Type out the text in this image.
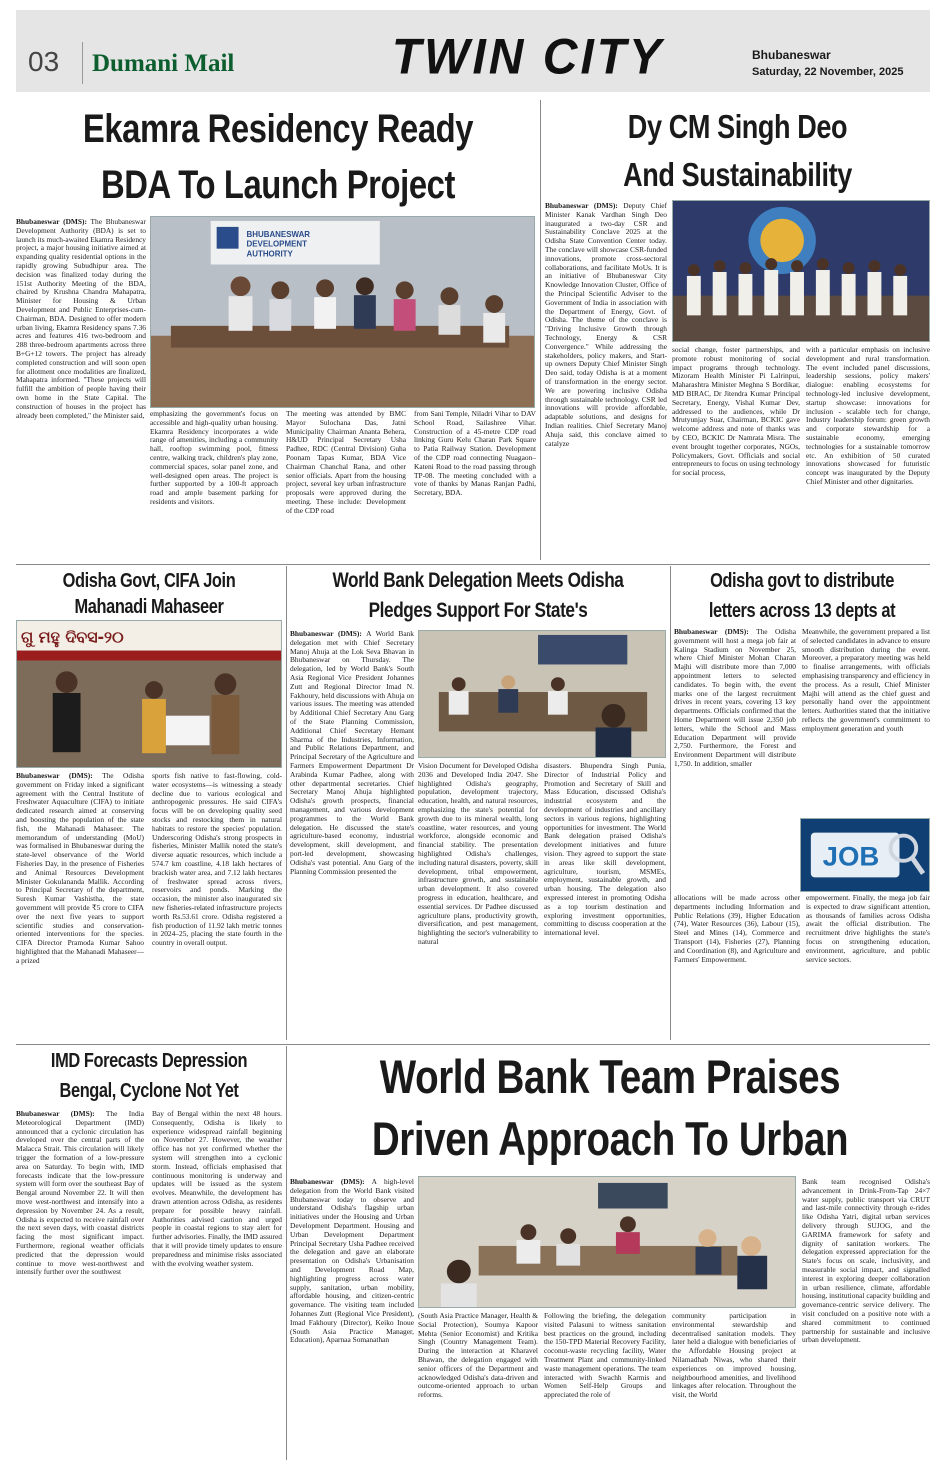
03	Dumani Mail	TWIN CITY	Bhubaneswar
Saturday, 22 November, 2025
Ekamra Residency Ready
BDA To Launch Project
Bhubaneswar (DMS): The Bhubaneswar Development Authority (BDA) is set to launch its much-awaited Ekamra Residency project, a major housing initiative aimed at expanding quality residential options in the rapidly growing Subudhipur area. The decision was finalized today during the 151st Authority Meeting of the BDA, chaired by Krushna Chandra Mahapatra, Minister for Housing & Urban Development and Public Enterprises-cum-Chairman, BDA. Designed to offer modern urban living, Ekamra Residency spans 7.36 acres and features 416 two-bedroom and 288 three-bedroom apartments across three B+G+12 towers. The project has already completed construction and will soon open for allotment once modalities are finalized, Mahapatra informed. "These projects will fulfill the ambition of people having their own home in the State Capital. The construction of houses in the project has already been completed," the Minister said,
BHUBANESWAR
DEVELOPMENT
AUTHORITY
emphasizing the government's focus on accessible and high-quality urban housing. Ekamra Residency incorporates a wide range of amenities, including a community hall, rooftop swimming pool, fitness centre, walking track, children's play zone, commercial spaces, solar panel zone, and well-designed open areas. The project is further supported by a 100-ft approach road and ample basement parking for residents and visitors.
The meeting was attended by BMC Mayor Sulochana Das, Jatni Municipality Chairman Ananta Behera, H&UD Principal Secretary Usha Padhee, RDC (Central Division) Guha Poonam Tapas Kumar, BDA Vice Chairman Chanchal Rana, and other senior officials. Apart from the housing project, several key urban infrastructure proposals were approved during the meeting. These include: Development of the CDP road
from Sani Temple, Niladri Vihar to DAV School Road, Sailashree Vihar. Construction of a 45-metre CDP road linking Guru Kelu Charan Park Square to Patia Railway Station. Development of the CDP road connecting Nuagaon–Kateni Road to the road passing through TP-08. The meeting concluded with a vote of thanks by Manas Ranjan Padhi, Secretary, BDA.
Dy CM Singh Deo
And Sustainability
Bhubaneswar (DMS): Deputy Chief Minister Kanak Vardhan Singh Deo inaugurated a two-day CSR and Sustainability Conclave 2025 at the Odisha State Convention Center today. The conclave will showcase CSR-funded innovations, promote cross-sectoral collaborations, and facilitate MoUs. It is an initiative of Bhubaneswar City Knowledge Innovation Cluster, Office of the Principal Scientific Adviser to the Government of India in association with the Department of Energy, Govt. of Odisha. The theme of the conclave is "Driving Inclusive Growth through Technology, Energy & CSR Convergence." While addressing the stakeholders, policy makers, and Start-up owners Deputy Chief Minister Singh Deo said, today Odisha is at a moment of transformation in the energy sector. We are powering inclusive Odisha through sustainable technology. CSR led innovations will provide affordable, adaptable solutions, and designs for Indian realities. Chief Secretary Manoj Ahuja said, this conclave aimed to catalyze
social change, foster partnerships, and promote robust monitoring of social impact programs through technology. Mizoram Health Minister Pi Lalrinpui, Maharashtra Minister Meghna S Bordikar, MD BIRAC, Dr Jitendra Kumar Principal Secretary, Energy, Vishal Kumar Dev, addressed to the audiences, while Dr Mrutyunjay Suar, Chairman, BCKIC gave welcome address and note of thanks was by CEO, BCKIC Dr Namrata Misra. The event brought together corporates, NGOs, Policymakers, Govt. Officials and social entrepreneurs to focus on using technology for social process,
with a particular emphasis on inclusive development and rural transformation. The event included panel discussions, leadership sessions, policy makers' dialogue: enabling ecosystems for technology-led inclusive development, startup showcase: innovations for inclusion - scalable tech for change, Industry leadership forum: green growth and corporate stewardship for a sustainable economy, emerging technologies for a sustainable tomorrow etc. An exhibition of 50 curated innovations showcased for futuristic concept was inaugurated by the Deputy Chief Minister and other dignitaries.
Odisha Govt, CIFA Join
Mahanadi Mahaseer
ଗୁ ମହୁ ଦିବସ-୨୦
Bhubaneswar (DMS): The Odisha government on Friday inked a significant agreement with the Central Institute of Freshwater Aquaculture (CIFA) to initiate dedicated research aimed at conserving and boosting the population of the state fish, the Mahanadi Mahaseer. The memorandum of understanding (MoU) was formalised in Bhubaneswar during the state-level observance of the World Fisheries Day, in the presence of Fisheries and Animal Resources Development Minister Gokulananda Mallik. According to Principal Secretary of the department, Suresh Kumar Vashistha, the state government will provide ₹5 crore to CIFA over the next five years to support scientific studies and conservation-oriented interventions for the species. CIFA Director Pramoda Kumar Sahoo highlighted that the Mahanadi Mahaseer—a prized
sports fish native to fast-flowing, cold-water ecosystems—is witnessing a steady decline due to various ecological and anthropogenic pressures. He said CIFA's focus will be on developing quality seed stocks and restocking them in natural habitats to restore the species' population. Underscoring Odisha's strong prospects in fisheries, Minister Mallik noted the state's diverse aquatic resources, which include a 574.7 km coastline, 4.18 lakh hectares of brackish water area, and 7.12 lakh hectares of freshwater spread across rivers, reservoirs and ponds. Marking the occasion, the minister also inaugurated six new fisheries-related infrastructure projects worth Rs.53.61 crore. Odisha registered a fish production of 11.92 lakh metric tonnes in 2024–25, placing the state fourth in the country in overall output.
World Bank Delegation Meets Odisha
Pledges Support For State's
Bhubaneswar (DMS): A World Bank delegation met with Chief Secretary Manoj Ahuja at the Lok Seva Bhavan in Bhubaneswar on Thursday. The delegation, led by World Bank's South Asia Regional Vice President Johannes Zutt and Regional Director Imad N. Fakhoury, held discussions with Ahuja on various issues. The meeting was attended by Additional Chief Secretary Anu Garg of the State Planning Commission, Additional Chief Secretary Hemant Sharma of the Industries, Information, and Public Relations Department, and Principal Secretary of the Agriculture and Farmers Empowerment Department Dr Arabinda Kumar Padhee, along with other departmental secretaries. Chief Secretary Manoj Ahuja highlighted Odisha's growth prospects, financial management, and various development programmes to the World Bank delegation. He discussed the state's agriculture-based economy, industrial development, skill development, and port-led development, showcasing Odisha's vast potential. Anu Garg of the Planning Commission presented the
Vision Document for Developed Odisha 2036 and Developed India 2047. She highlighted Odisha's geography, population, development trajectory, education, health, and natural resources, emphasizing the state's potential for growth due to its mineral wealth, long coastline, water resources, and young workforce, alongside economic and financial stability. The presentation highlighted Odisha's challenges, including natural disasters, poverty, skill development, tribal empowerment, infrastructure growth, and sustainable urban development. It also covered progress in education, healthcare, and essential services. Dr Padhee discussed agriculture plans, productivity growth, diversification, and pest management, highlighting the sector's vulnerability to natural
disasters. Bhupendra Singh Punia, Director of Industrial Policy and Promotion and Secretary of Skill and Mass Education, discussed Odisha's industrial ecosystem and the development of industries and ancillary sectors in various regions, highlighting opportunities for investment. The World Bank delegation praised Odisha's development initiatives and future vision. They agreed to support the state in areas like skill development, agriculture, tourism, MSMEs, employment, sustainable growth, and urban housing. The delegation also expressed interest in promoting Odisha as a top tourism destination and exploring investment opportunities, committing to discuss cooperation at the international level.
Odisha govt to distribute
letters across 13 depts at
Bhubaneswar (DMS): The Odisha government will host a mega job fair at Kalinga Stadium on November 25, where Chief Minister Mohan Charan Majhi will distribute more than 7,000 appointment letters to selected candidates. To begin with, the event marks one of the largest recruitment drives in recent years, covering 13 key departments. Officials confirmed that the Home Department will issue 2,350 job letters, while the School and Mass Education Department will provide 2,750. Furthermore, the Forest and Environment Department will distribute 1,750. In addition, smaller
Meanwhile, the government prepared a list of selected candidates in advance to ensure smooth distribution during the event. Moreover, a preparatory meeting was held to finalise arrangements, with officials emphasising transparency and efficiency in the process. As a result, Chief Minister Majhi will attend as the chief guest and personally hand over the appointment letters. Authorities stated that the initiative reflects the government's commitment to employment generation and youth
JOB
allocations will be made across other departments including Information and Public Relations (39), Higher Education (74), Water Resources (36), Labour (15), Steel and Mines (14), Commerce and Transport (14), Fisheries (27), Planning and Coordination (8), and Agriculture and Farmers' Empowerment.
empowerment. Finally, the mega job fair is expected to draw significant attention, as thousands of families across Odisha await the official distribution. The recruitment drive highlights the state's focus on strengthening education, environment, agriculture, and public service sectors.
IMD Forecasts Depression
Bengal, Cyclone Not Yet
Bhubaneswar (DMS): The India Meteorological Department (IMD) announced that a cyclonic circulation has developed over the central parts of the Malacca Strait. This circulation will likely trigger the formation of a low-pressure area on Saturday. To begin with, IMD forecasts indicate that the low-pressure system will form over the southeast Bay of Bengal around November 22. It will then move west-northwest and intensify into a depression by November 24. As a result, Odisha is expected to receive rainfall over the next seven days, with coastal districts facing the most significant impact. Furthermore, regional weather officials predicted that the depression would continue to move west-northwest and intensify further over the southwest
Bay of Bengal within the next 48 hours. Consequently, Odisha is likely to experience widespread rainfall beginning on November 27. However, the weather office has not yet confirmed whether the system will strengthen into a cyclonic storm. Instead, officials emphasised that continuous monitoring is underway and updates will be issued as the system evolves. Meanwhile, the development has drawn attention across Odisha, as residents prepare for possible heavy rainfall. Authorities advised caution and urged people in coastal regions to stay alert for further advisories. Finally, the IMD assured that it will provide timely updates to ensure preparedness and minimise risks associated with the evolving weather system.
World Bank Team Praises
Driven Approach To Urban
Bhubaneswar (DMS): A high-level delegation from the World Bank visited Bhubaneswar today to observe and understand Odisha's flagship urban initiatives under the Housing and Urban Development Department. Housing and Urban Development Department Principal Secretary Usha Padhee received the delegation and gave an elaborate presentation on Odisha's Urbanisation and Development Road Map, highlighting progress across water supply, sanitation, urban mobility, affordable housing, and citizen-centric governance. The visiting team included Johannes Zutt (Regional Vice President), Imad Fakhoury (Director), Keiko Inoue (South Asia Practice Manager, Education), Aparnaa Somanathan
(South Asia Practice Manager, Health & Social Protection), Soumya Kapoor Mehta (Senior Economist) and Kritika Singh (Country Management Team). During the interaction at Kharavel Bhawan, the delegation engaged with senior officers of the Department and acknowledged Odisha's data-driven and outcome-oriented approach to urban reforms.
Following the briefing, the delegation visited Palasuni to witness sanitation best practices on the ground, including the 150-TPD Material Recovery Facility, coconut-waste recycling facility, Water Treatment Plant and community-linked waste management operations. The team interacted with Swachh Karmis and Women Self-Help Groups and appreciated the role of
community participation in environmental stewardship and decentralised sanitation models. They later held a dialogue with beneficiaries of the Affordable Housing project at Nilamadhab Niwas, who shared their experiences on improved housing, neighbourhood amenities, and livelihood linkages after relocation. Throughout the visit, the World
Bank team recognised Odisha's advancement in Drink-From-Tap 24×7 water supply, public transport via CRUT and last-mile connectivity through e-rides like Odisha Yatri, digital urban services delivery through SUJOG, and the GARIMA framework for safety and dignity of sanitation workers. The delegation expressed appreciation for the State's focus on scale, inclusivity, and measurable social impact, and signalled interest in exploring deeper collaboration in urban resilience, climate, affordable housing, institutional capacity building and governance-centric service delivery. The visit concluded on a positive note with a shared commitment to continued partnership for sustainable and inclusive urban development.
